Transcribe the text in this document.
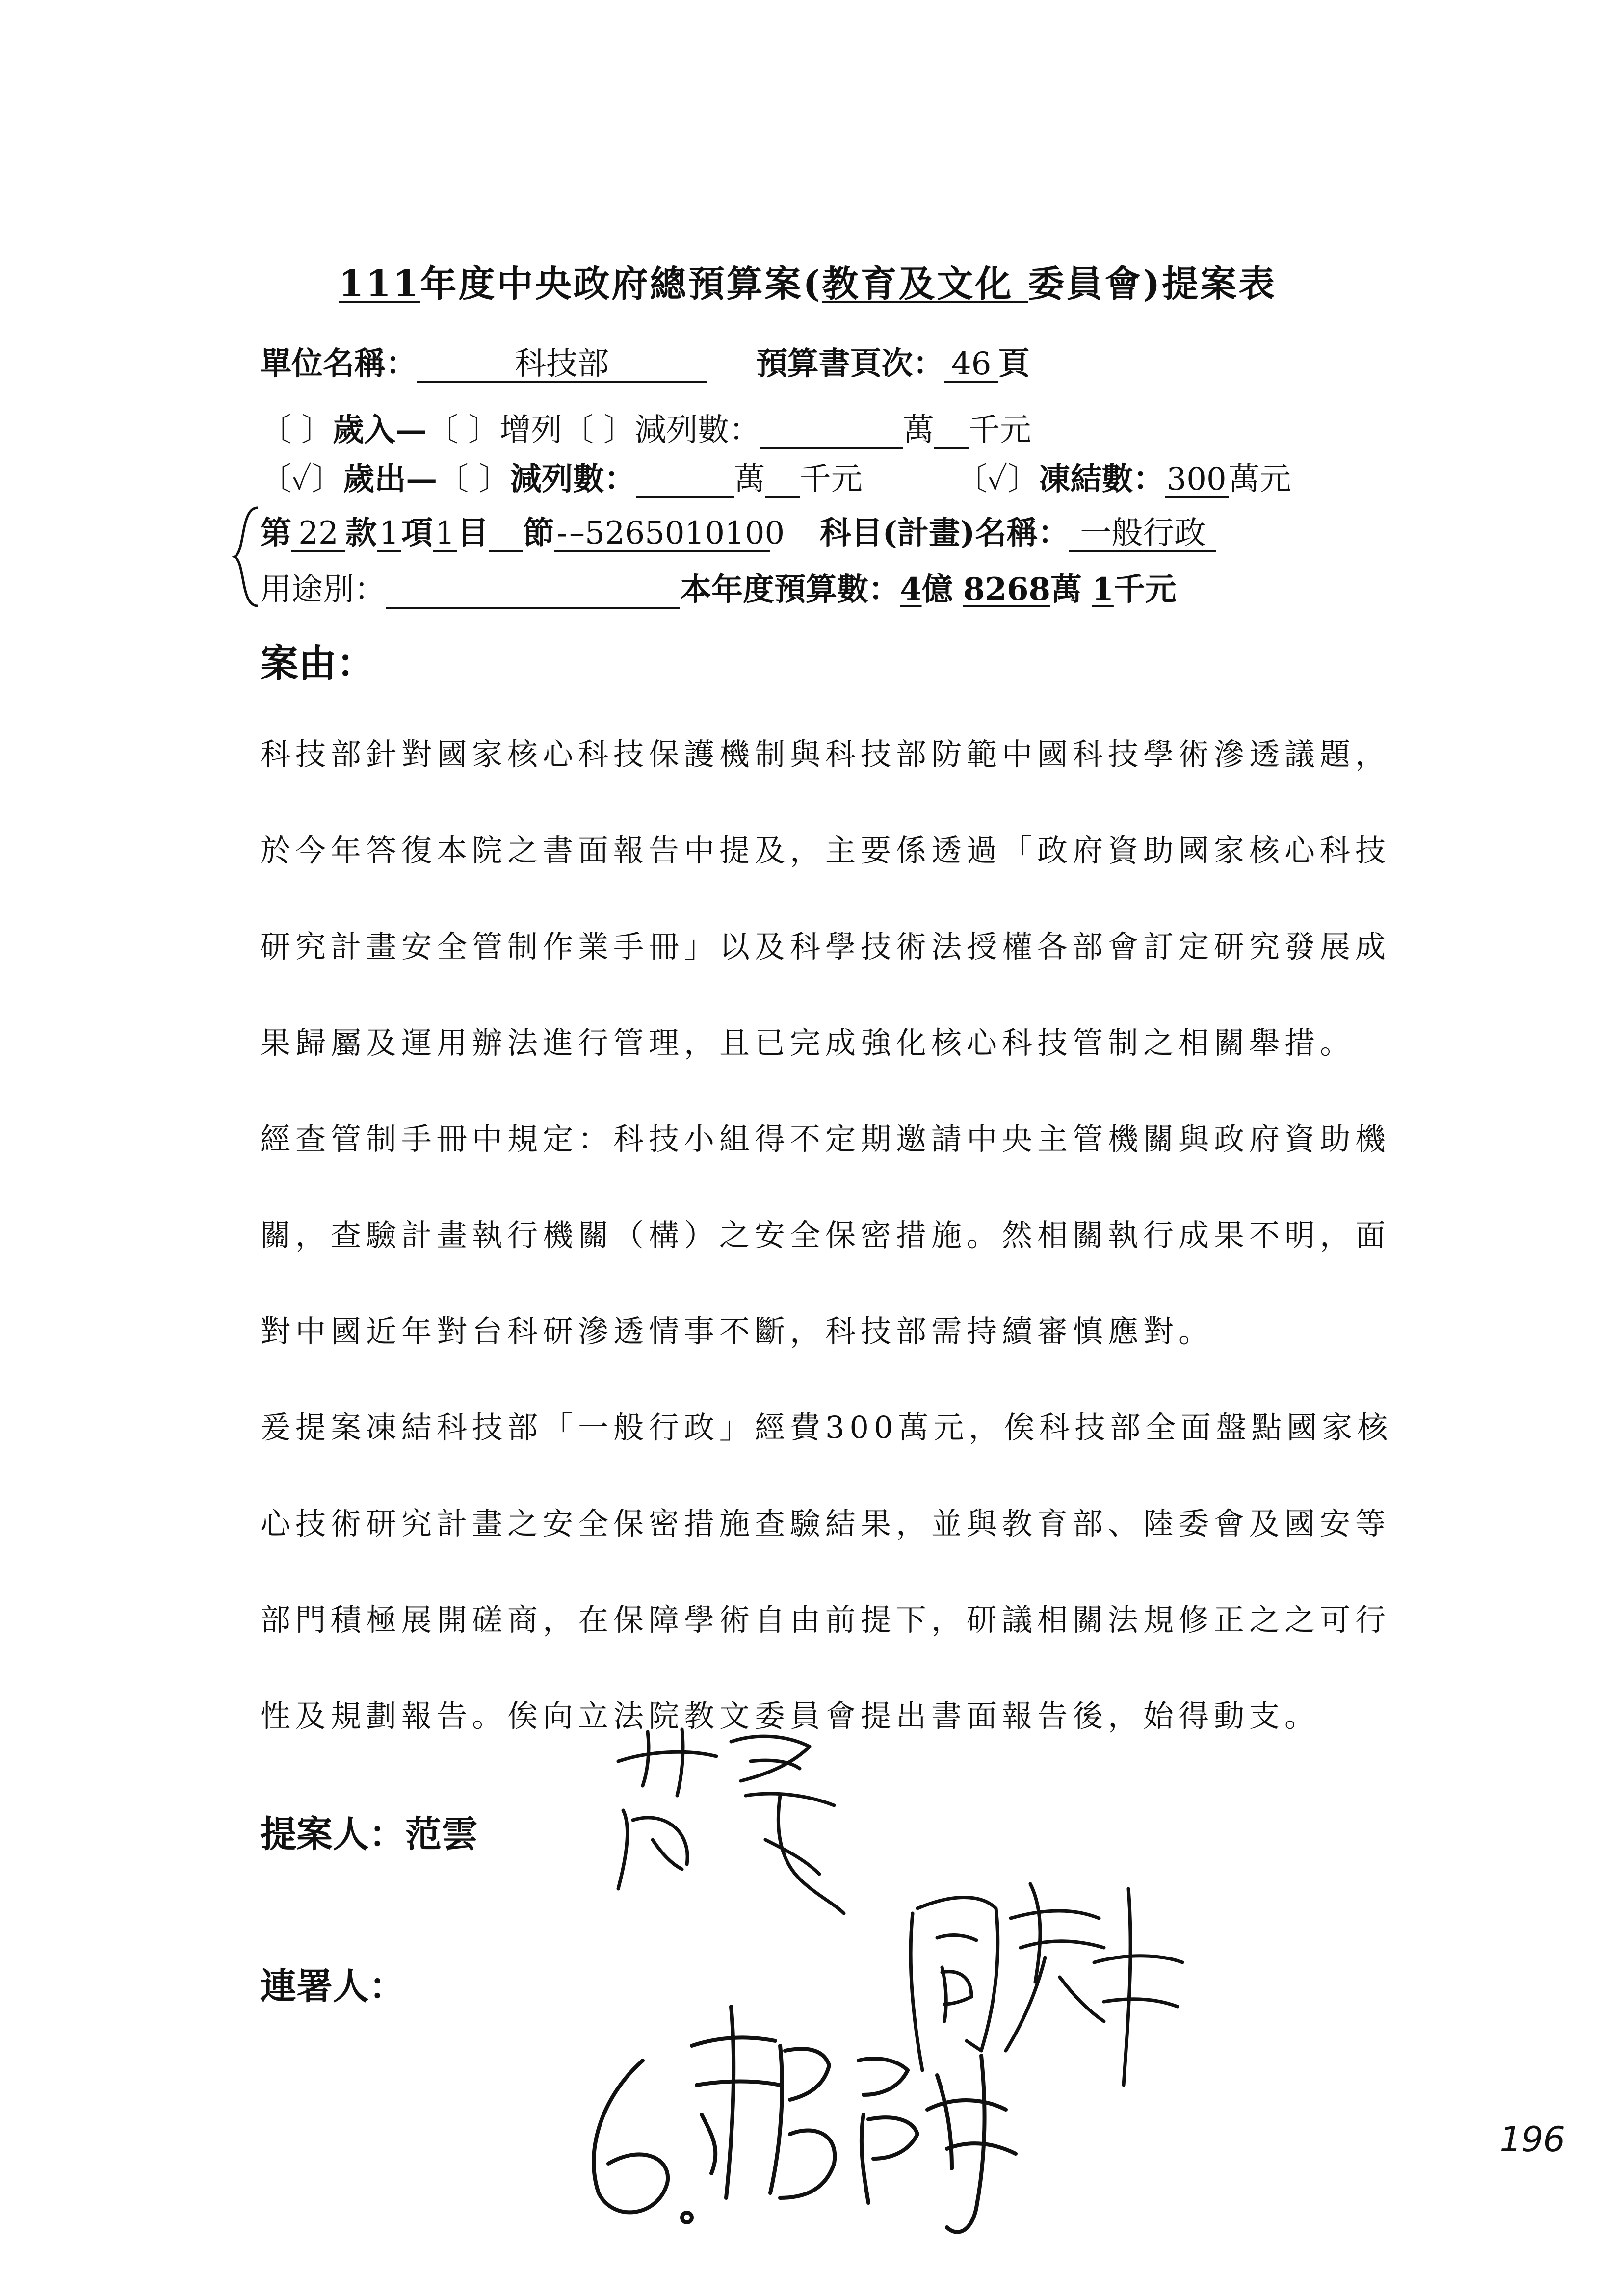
111年度中央政府總預算案(教育及文化 委員會)提案表
單位名稱：	科技部	預算書頁次： 46 頁
〔 〕歲入—〔 〕增列〔 〕減列數：	萬 千元
〔✓〕歲出—〔 〕減列數：	萬 千元	〔✓〕凍結數：300萬元
第 22 款1項1目 節-–5265010100 科目(計畫)名稱： 一般行政
用途別：	本年度預算數：4億 8268萬 1千元
案由：

科技部針對國家核心科技保護機制與科技部防範中國科技學術滲透議題，於今年答復本院之書面報告中提及，主要係透過「政府資助國家核心科技研究計畫安全管制作業手冊」以及科學技術法授權各部會訂定研究發展成果歸屬及運用辦法進行管理，且已完成強化核心科技管制之相關舉措。

經查管制手冊中規定：科技小組得不定期邀請中央主管機關與政府資助機關，查驗計畫執行機關（構）之安全保密措施。然相關執行成果不明，面對中國近年對台科研滲透情事不斷，科技部需持續審慎應對。

爰提案凍結科技部「一般行政」經費300萬元，俟科技部全面盤點國家核心技術研究計畫之安全保密措施查驗結果，並與教育部、陸委會及國安等部門積極展開磋商，在保障學術自由前提下，研議相關法規修正之之可行性及規劃報告。俟向立法院教文委員會提出書面報告後，始得動支。

提案人：范雲
連署人：
196
